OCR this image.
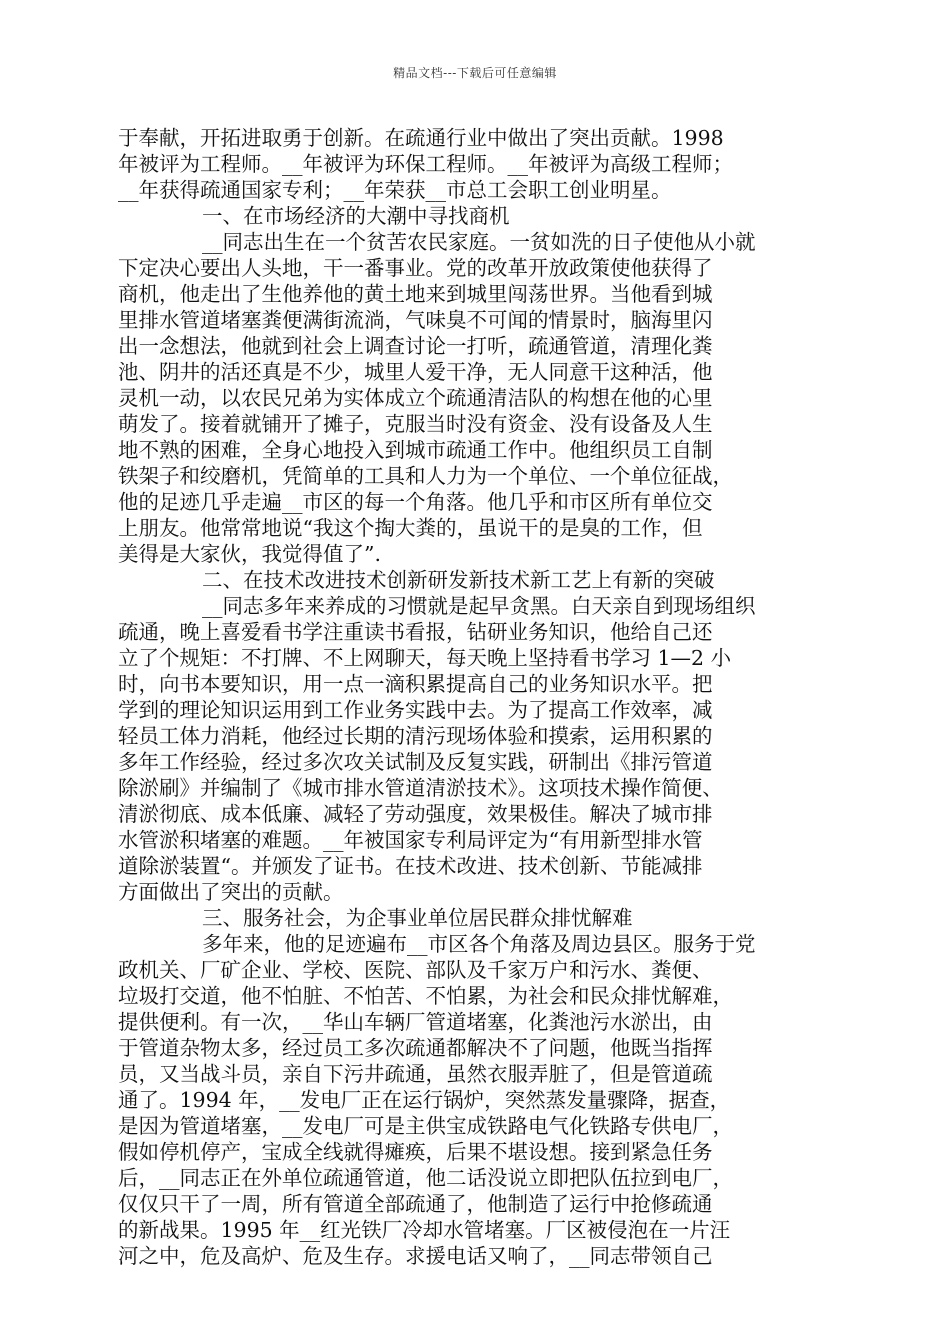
精品文档---下载后可任意编辑
于奉献，开拓进取勇于创新。在疏通行业中做出了突出贡献。1998
年被评为工程师。__年被评为环保工程师。__年被评为高级工程师；
__年获得疏通国家专利；__年荣获__市总工会职工创业明星。
一、在市场经济的大潮中寻找商机
__同志出生在一个贫苦农民家庭。一贫如洗的日子使他从小就
下定决心要出人头地，干一番事业。党的改革开放政策使他获得了
商机，他走出了生他养他的黄土地来到城里闯荡世界。当他看到城
里排水管道堵塞粪便满街流淌，气味臭不可闻的情景时，脑海里闪
出一念想法，他就到社会上调查讨论一打听，疏通管道，清理化粪
池、阴井的活还真是不少，城里人爱干净，无人同意干这种活，他
灵机一动，以农民兄弟为实体成立个疏通清洁队的构想在他的心里
萌发了。接着就铺开了摊子，克服当时没有资金、没有设备及人生
地不熟的困难，全身心地投入到城市疏通工作中。他组织员工自制
铁架子和绞磨机，凭简单的工具和人力为一个单位、一个单位征战，
他的足迹几乎走遍__市区的每一个角落。他几乎和市区所有单位交
上朋友。他常常地说“我这个掏大粪的，虽说干的是臭的工作，但
美得是大家伙，我觉得值了”.
二、在技术改进技术创新研发新技术新工艺上有新的突破
__同志多年来养成的习惯就是起早贪黑。白天亲自到现场组织
疏通，晚上喜爱看书学注重读书看报，钻研业务知识，他给自己还
立了个规矩：不打牌、不上网聊天，每天晚上坚持看书学习 1—2 小
时，向书本要知识，用一点一滴积累提高自己的业务知识水平。把
学到的理论知识运用到工作业务实践中去。为了提高工作效率，减
轻员工体力消耗，他经过长期的清污现场体验和摸索，运用积累的
多年工作经验，经过多次攻关试制及反复实践，研制出《排污管道
除淤刷》并编制了《城市排水管道清淤技术》。这项技术操作简便、
清淤彻底、成本低廉、减轻了劳动强度，效果极佳。解决了城市排
水管淤积堵塞的难题。__年被国家专利局评定为“有用新型排水管
道除淤装置“。并颁发了证书。在技术改进、技术创新、节能减排
方面做出了突出的贡献。
三、服务社会，为企事业单位居民群众排忧解难
多年来，他的足迹遍布__市区各个角落及周边县区。服务于党
政机关、厂矿企业、学校、医院、部队及千家万户和污水、粪便、
垃圾打交道，他不怕脏、不怕苦、不怕累，为社会和民众排忧解难，
提供便利。有一次，__华山车辆厂管道堵塞，化粪池污水淤出，由
于管道杂物太多，经过员工多次疏通都解决不了问题，他既当指挥
员，又当战斗员，亲自下污井疏通，虽然衣服弄脏了，但是管道疏
通了。1994 年，__发电厂正在运行锅炉，突然蒸发量骤降，据查，
是因为管道堵塞，__发电厂可是主供宝成铁路电气化铁路专供电厂，
假如停机停产，宝成全线就得瘫痪，后果不堪设想。接到紧急任务
后，__同志正在外单位疏通管道，他二话没说立即把队伍拉到电厂，
仅仅只干了一周，所有管道全部疏通了，他制造了运行中抢修疏通
的新战果。1995 年__红光铁厂冷却水管堵塞。厂区被侵泡在一片汪
河之中，危及高炉、危及生存。求援电话又响了，__同志带领自己
